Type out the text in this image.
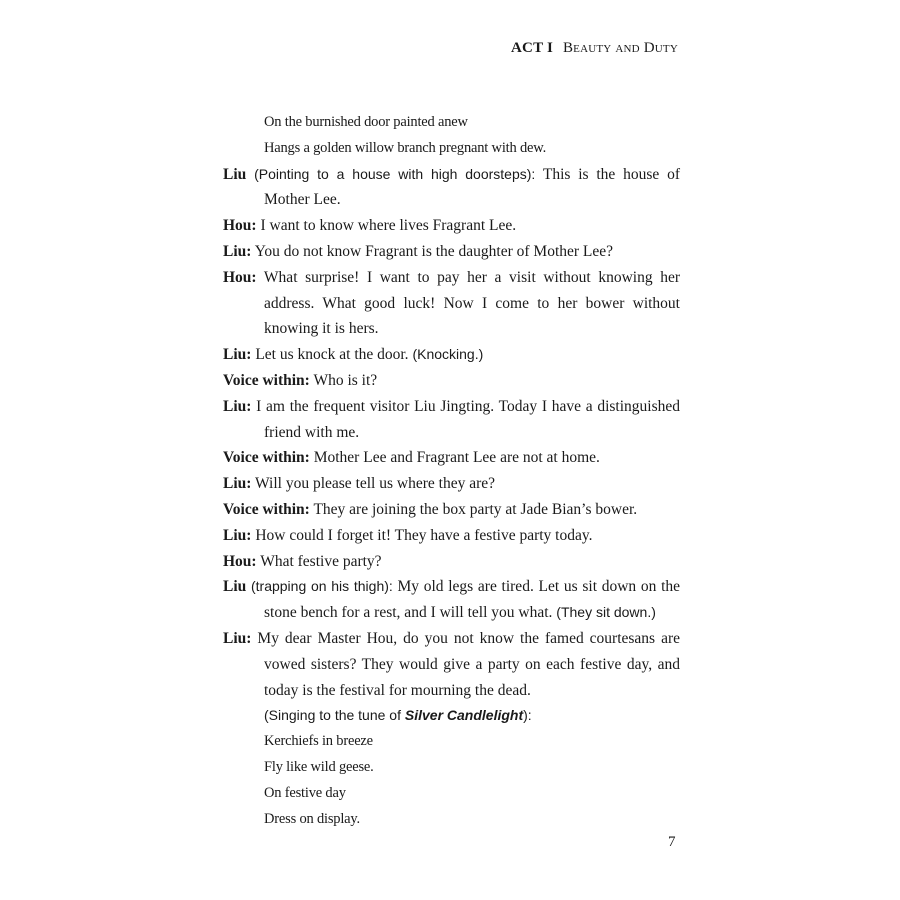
ACT I Beauty and Duty
On the burnished door painted anew
Hangs a golden willow branch pregnant with dew.

Liu (Pointing to a house with high doorsteps): This is the house of Mother Lee.

Hou: I want to know where lives Fragrant Lee.

Liu: You do not know Fragrant is the daughter of Mother Lee?

Hou: What surprise! I want to pay her a visit without knowing her address. What good luck! Now I come to her bower without knowing it is hers.

Liu: Let us knock at the door. (Knocking.)

Voice within: Who is it?

Liu: I am the frequent visitor Liu Jingting. Today I have a distinguished friend with me.

Voice within: Mother Lee and Fragrant Lee are not at home.

Liu: Will you please tell us where they are?

Voice within: They are joining the box party at Jade Bian’s bower.

Liu: How could I forget it! They have a festive party today.

Hou: What festive party?

Liu (trapping on his thigh): My old legs are tired. Let us sit down on the stone bench for a rest, and I will tell you what. (They sit down.)

Liu: My dear Master Hou, do you not know the famed courtesans are vowed sisters? They would give a party on each festive day, and today is the festival for mourning the dead.

(Singing to the tune of Silver Candlelight):
Kerchiefs in breeze
Fly like wild geese.
On festive day
Dress on display.
7
